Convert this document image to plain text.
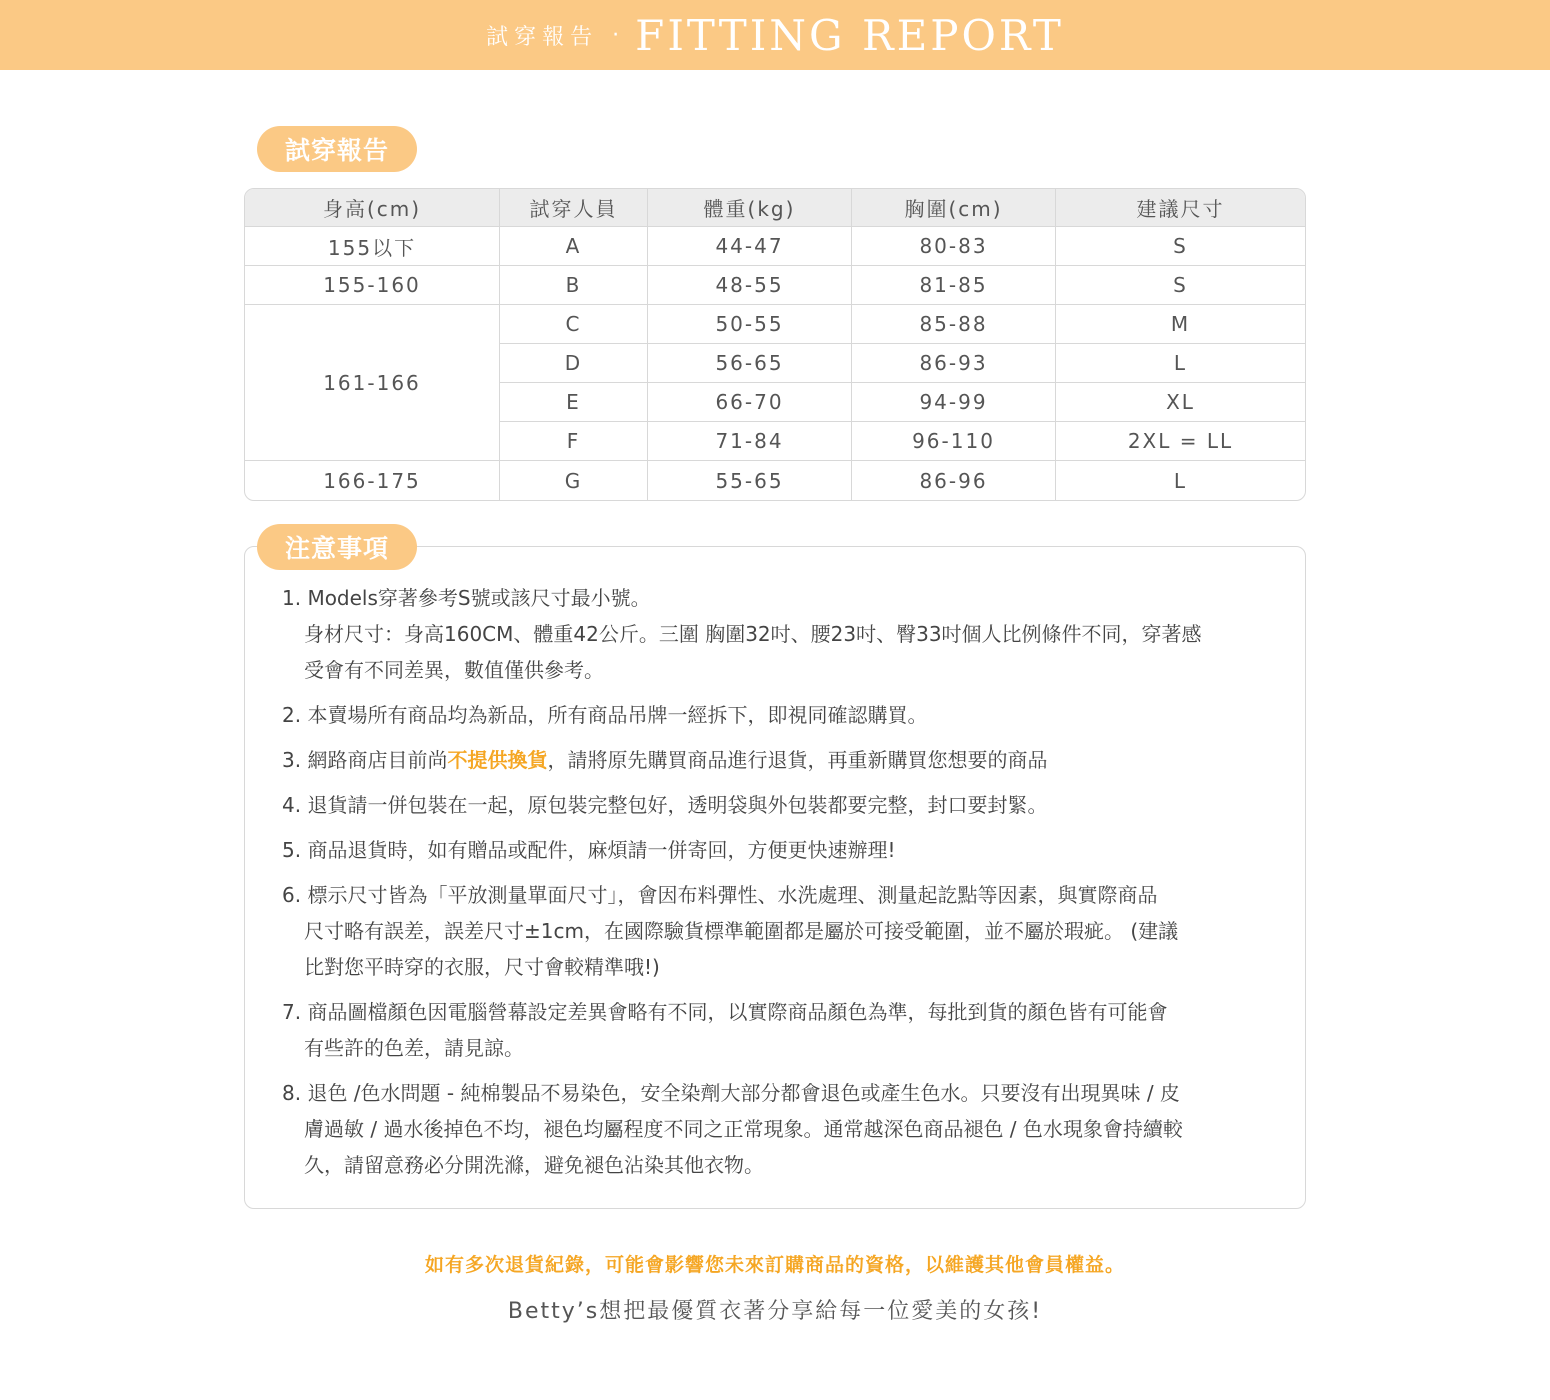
試穿報告 · FITTING REPORT
試穿報告
身高(cm)	試穿人員	體重(kg)	胸圍(cm)	建議尺寸
155以下	A	44-47	80-83	S
155-160	B	48-55	81-85	S
161-166	C	50-55	85-88	M
	D	56-65	86-93	L
	E	66-70	94-99	XL
	F	71-84	96-110	2XL = LL
166-175	G	55-65	86-96	L
注意事項
1. Models穿著參考S號或該尺寸最小號。
身材尺寸：身高160CM、體重42公斤。三圍 胸圍32吋、腰23吋、臀33吋個人比例條件不同，穿著感
受會有不同差異，數值僅供參考。
2. 本賣場所有商品均為新品，所有商品吊牌一經拆下，即視同確認購買。
3. 網路商店目前尚不提供換貨，請將原先購買商品進行退貨，再重新購買您想要的商品
4. 退貨請一併包裝在一起，原包裝完整包好，透明袋與外包裝都要完整，封口要封緊。
5. 商品退貨時，如有贈品或配件，麻煩請一併寄回，方便更快速辦理!
6. 標示尺寸皆為「平放測量單面尺寸」，會因布料彈性、水洗處理、測量起訖點等因素，與實際商品
尺寸略有誤差，誤差尺寸±1cm，在國際驗貨標準範圍都是屬於可接受範圍，並不屬於瑕疵。 (建議
比對您平時穿的衣服，尺寸會較精準哦!)
7. 商品圖檔顏色因電腦營幕設定差異會略有不同，以實際商品顏色為準，每批到貨的顏色皆有可能會
有些許的色差，請見諒。
8. 退色 /色水問題 - 純棉製品不易染色，安全染劑大部分都會退色或產生色水。只要沒有出現異味 / 皮
膚過敏 / 過水後掉色不均，褪色均屬程度不同之正常現象。通常越深色商品褪色 / 色水現象會持續較
久，請留意務必分開洗滌，避免褪色沾染其他衣物。
如有多次退貨紀錄，可能會影響您未來訂購商品的資格，以維護其他會員權益。
Betty’s想把最優質衣著分享給每一位愛美的女孩!
